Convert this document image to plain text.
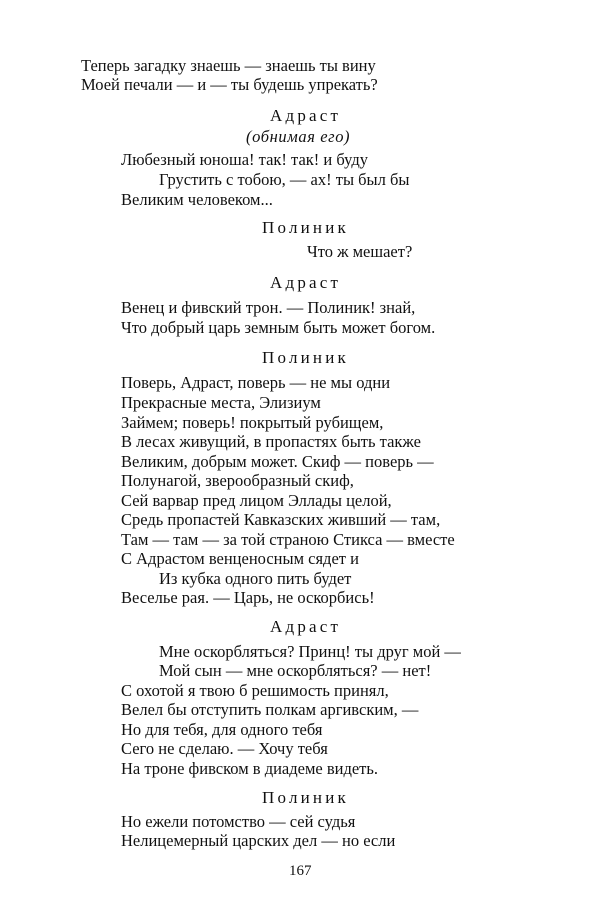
Теперь загадку знаешь — знаешь ты вину
Моей печали — и — ты будешь упрекать?
Адраст
(обнимая его)
Любезный юноша! так! так! и буду
Грустить с тобою, — ах! ты был бы
Великим человеком...
Полиник
Что ж мешает?
Адраст
Венец и фивский трон. — Полиник! знай,
Что добрый царь земным быть может богом.
Полиник
Поверь, Адраст, поверь — не мы одни
Прекрасные места, Элизиум
Займем; поверь! покрытый рубищем,
В лесах живущий, в пропастях быть также
Великим, добрым может. Скиф — поверь —
Полунагой, зверообразный скиф,
Сей варвар пред лицом Эллады целой,
Средь пропастей Кавказских живший — там,
Там — там — за той страною Стикса — вместе
С Адрастом венценосным сядет и
Из кубка одного пить будет
Веселье рая. — Царь, не оскорбись!
Адраст
Мне оскорбляться? Принц! ты друг мой —
Мой сын — мне оскорбляться? — нет!
С охотой я твою б решимость принял,
Велел бы отступить полкам аргивским, —
Но для тебя, для одного тебя
Сего не сделаю. — Хочу тебя
На троне фивском в диадеме видеть.
Полиник
Но ежели потомство — сей судья
Нелицемерный царских дел — но если
167
